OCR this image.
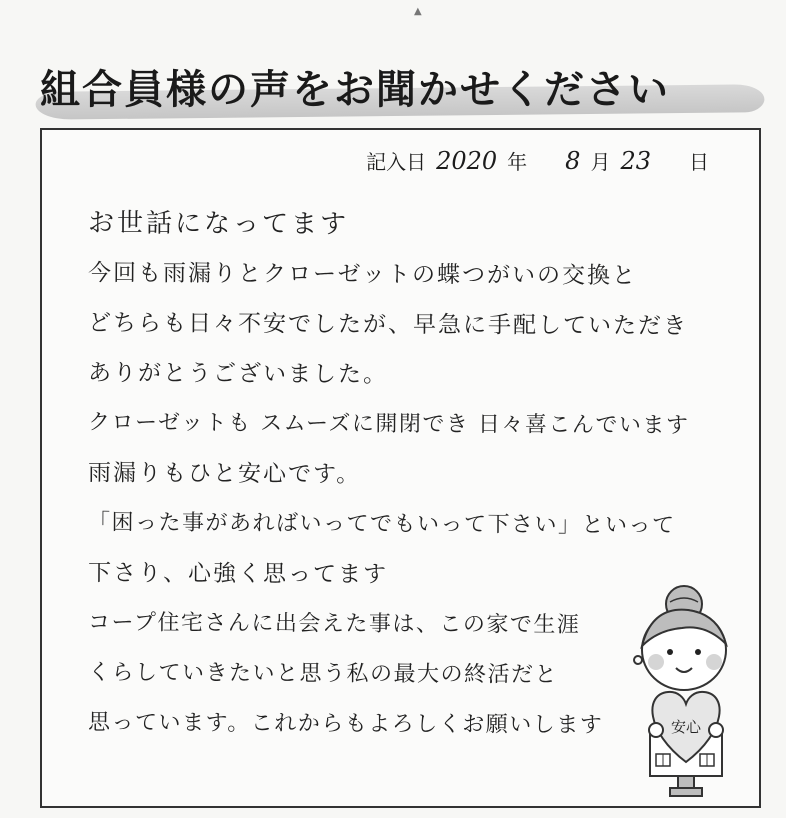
▲
組合員様の声をお聞かせください
記入日 2020 年 8 月 23 日
お世話になってます
今回も雨漏りとクローゼットの蝶つがいの交換と
どちらも日々不安でしたが、早急に手配していただき
ありがとうございました。
クローゼットも スムーズに開閉でき 日々喜こんでいます
雨漏りもひと安心です。
「困った事があればいってでもいって下さい」といって
下さり、心強く思ってます
コープ住宅さんに出会えた事は、この家で生涯
くらしていきたいと思う私の最大の終活だと
思っています。これからもよろしくお願いします	安心
